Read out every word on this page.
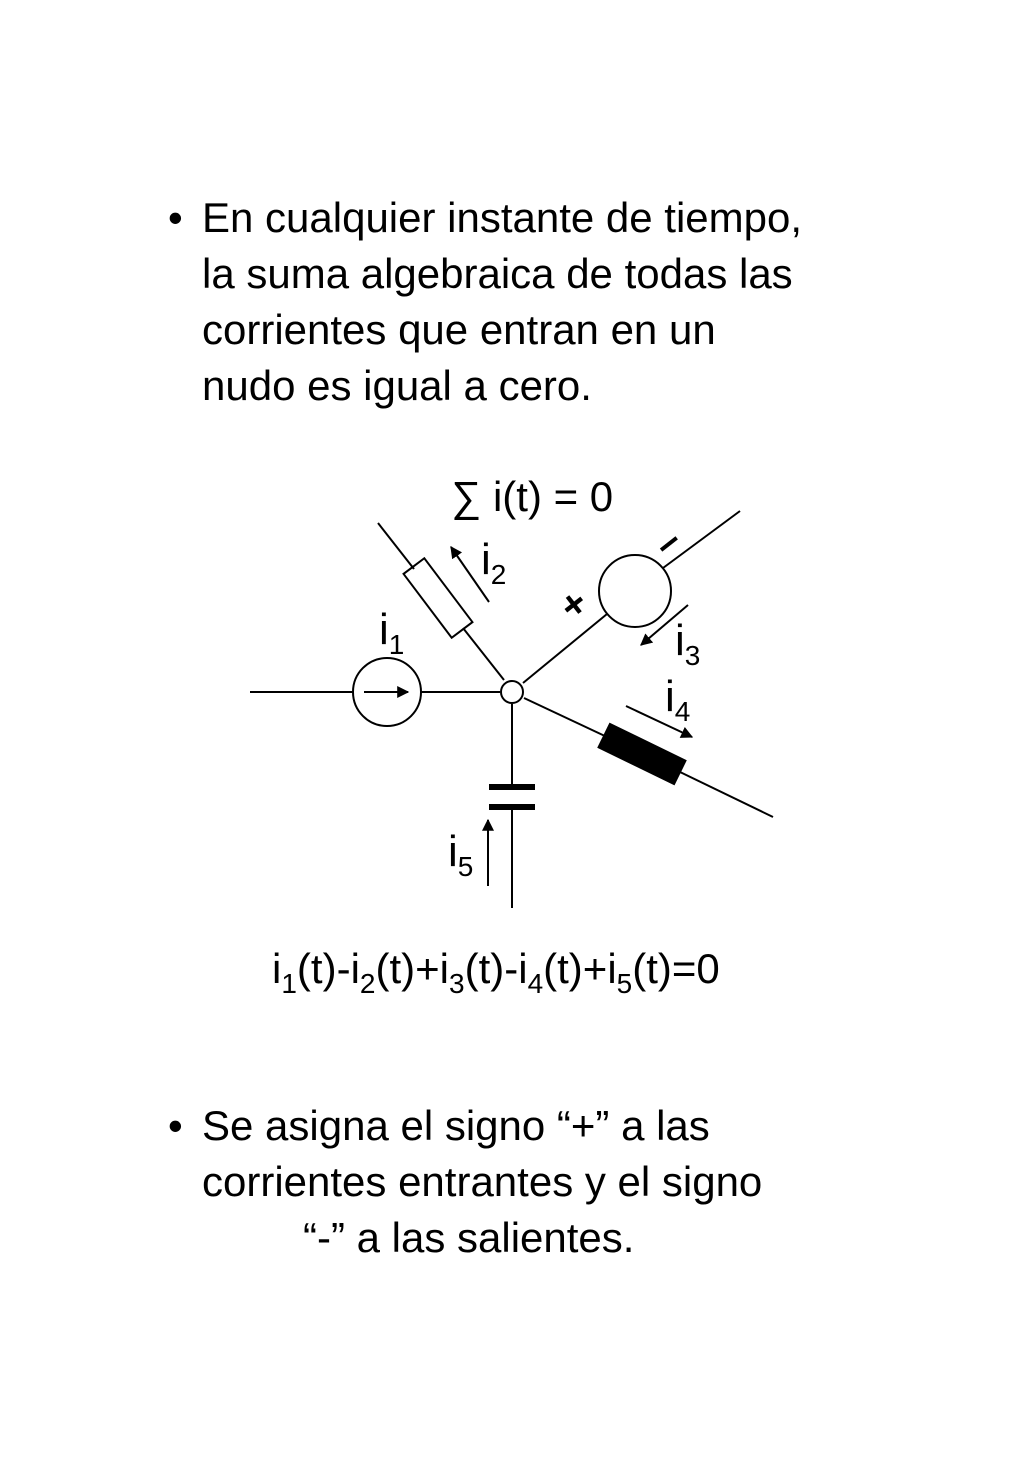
• En cualquier instante de tiempo,
la suma algebraica de todas las
corrientes que entran en un
nudo es igual a cero.

∑ i(t) = 0

$i_1$
$i_2$
$i_3$
$i_4$
$i_5$
+
–
$i_1(t)-i_2(t)+i_3(t)-i_4(t)+i_5(t)=0$
• Se asigna el signo “+” a las
corrientes entrantes y el signo
“-” a las salientes.
